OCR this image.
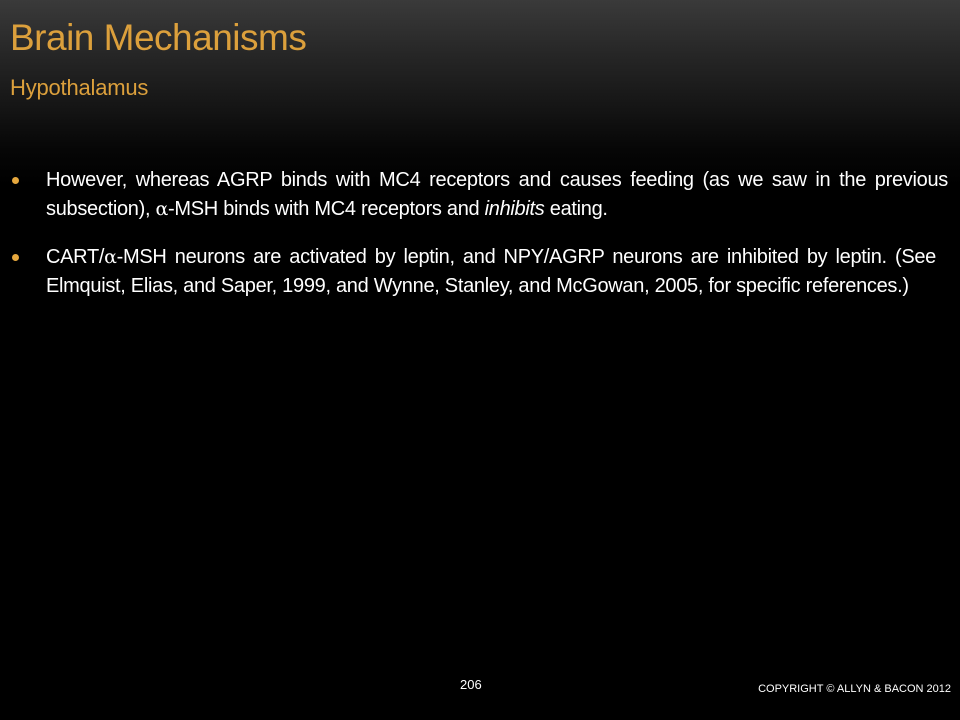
Brain Mechanisms
Hypothalamus
However, whereas AGRP binds with MC4 receptors and causes feeding (as we saw in the previous subsection), α-MSH binds with MC4 receptors and inhibits eating.
CART/α-MSH neurons are activated by leptin, and NPY/AGRP neurons are inhibited by leptin. (See Elmquist, Elias, and Saper, 1999, and Wynne, Stanley, and McGowan, 2005, for specific references.)
206	COPYRIGHT © ALLYN & BACON 2012
